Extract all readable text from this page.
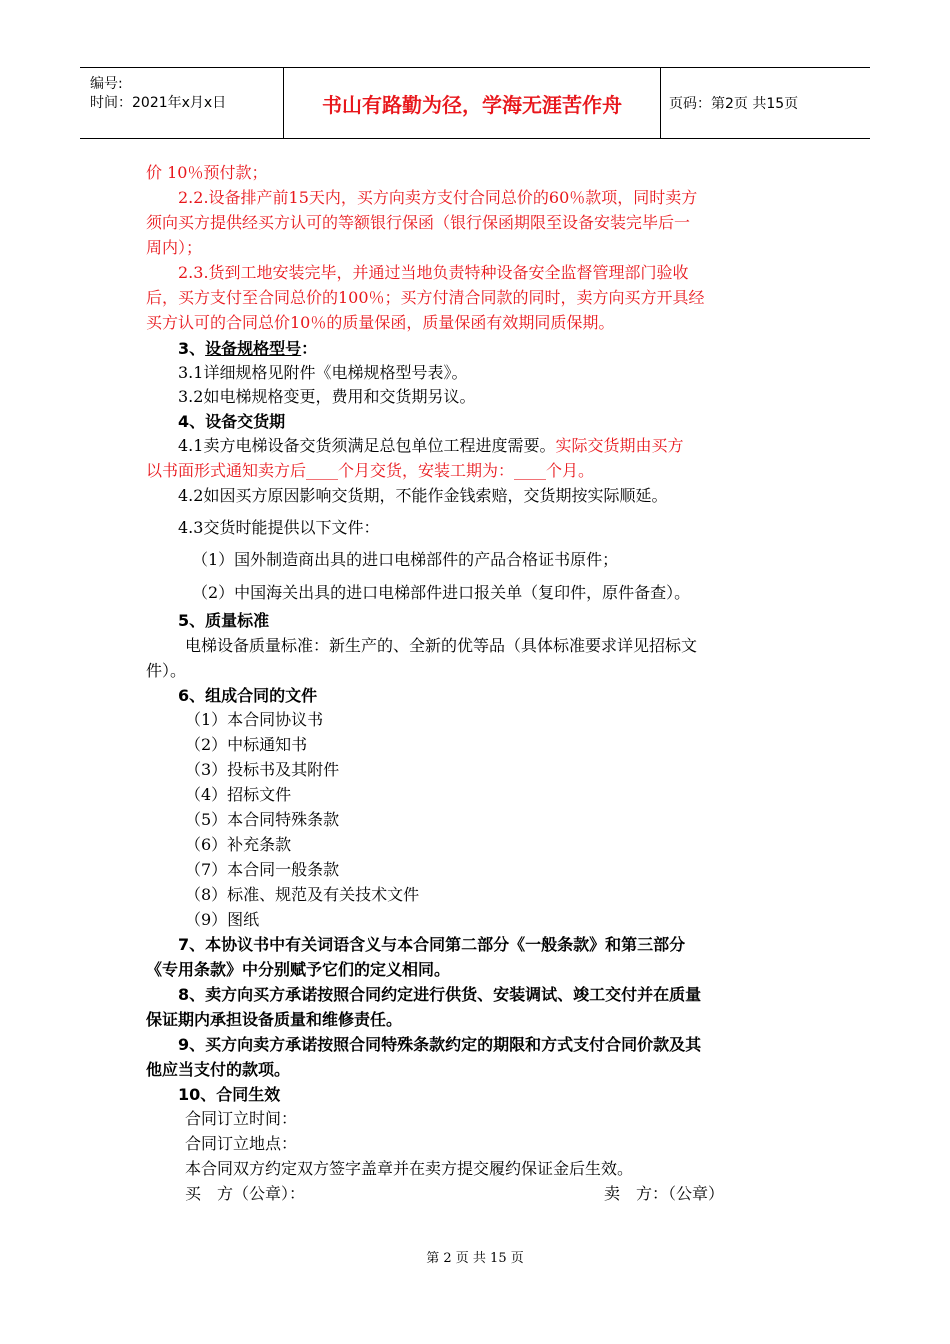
编号:
时间：2021年x月x日	书山有路勤为径，学海无涯苦作舟	页码：第2页 共15页
价 10％预付款；
2.2.设备排产前15天内，买方向卖方支付合同总价的60％款项，同时卖方
须向买方提供经买方认可的等额银行保函（银行保函期限至设备安装完毕后一
周内）；
2.3.货到工地安装完毕，并通过当地负责特种设备安全监督管理部门验收
后，买方支付至合同总价的100％；买方付清合同款的同时，卖方向买方开具经
买方认可的合同总价10％的质量保函，质量保函有效期同质保期。
3、设备规格型号：
3.1详细规格见附件《电梯规格型号表》。
3.2如电梯规格变更，费用和交货期另议。
4、设备交货期
4.1卖方电梯设备交货须满足总包单位工程进度需要。实际交货期由买方
以书面形式通知卖方后____个月交货，安装工期为：____个月。
4.2如因买方原因影响交货期，不能作金钱索赔，交货期按实际顺延。
4.3交货时能提供以下文件：
（1）国外制造商出具的进口电梯部件的产品合格证书原件；
（2）中国海关出具的进口电梯部件进口报关单（复印件，原件备查）。
5、质量标准
电梯设备质量标准：新生产的、全新的优等品（具体标准要求详见招标文
件）。
6、组成合同的文件
（1）本合同协议书
（2）中标通知书
（3）投标书及其附件
（4）招标文件
（5）本合同特殊条款
（6）补充条款
（7）本合同一般条款
（8）标准、规范及有关技术文件
（9）图纸
7、本协议书中有关词语含义与本合同第二部分《一般条款》和第三部分
《专用条款》中分别赋予它们的定义相同。
8、卖方向买方承诺按照合同约定进行供货、安装调试、竣工交付并在质量
保证期内承担设备质量和维修责任。
9、买方向卖方承诺按照合同特殊条款约定的期限和方式支付合同价款及其
他应当支付的款项。
10、合同生效
合同订立时间：
合同订立地点：
本合同双方约定双方签字盖章并在卖方提交履约保证金后生效。
买　方（公章）：	卖　方：（公章）
第 2 页 共 15 页
